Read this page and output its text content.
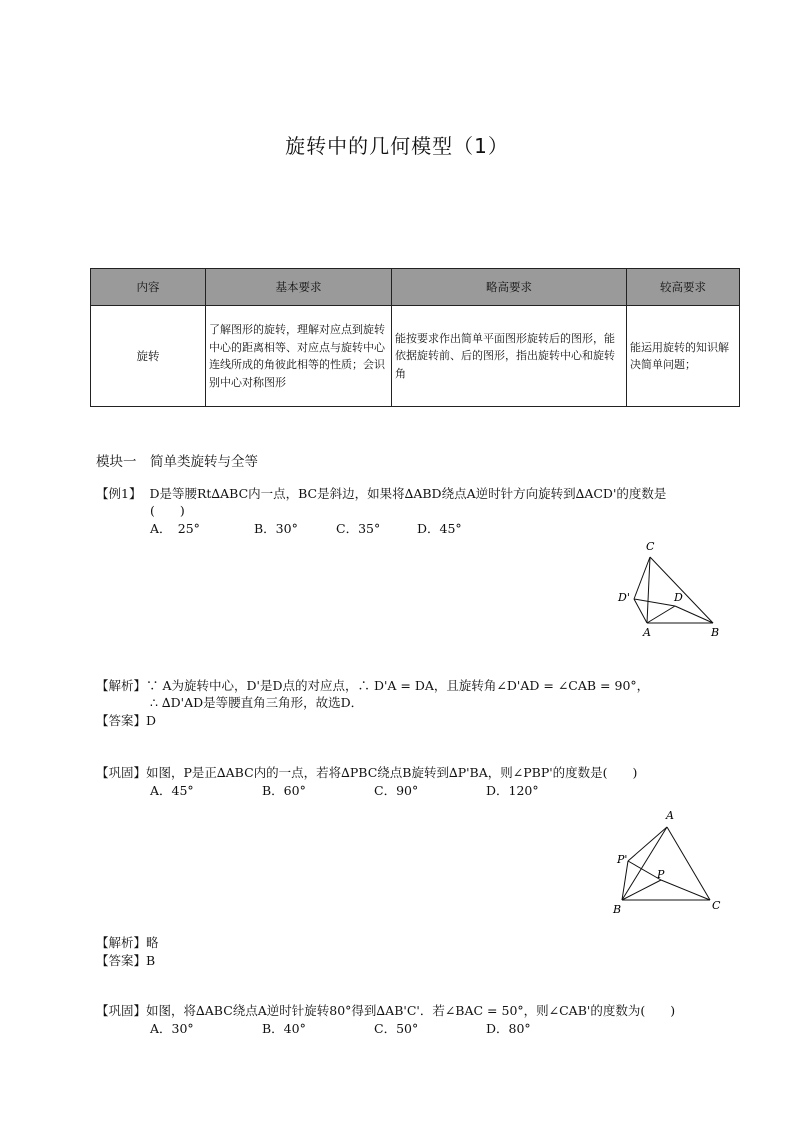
旋转中的几何模型（1）
内容	基本要求	略高要求	较高要求
旋转	了解图形的旋转，理解对应点到旋转中心的距离相等、对应点与旋转中心连线所成的角彼此相等的性质；会识别中心对称图形	能按要求作出简单平面图形旋转后的图形，能依据旋转前、后的图形，指出旋转中心和旋转角	能运用旋转的知识解决简单问题；
模块一　简单类旋转与全等
【例1】 D是等腰Rt∆ABC内一点，BC是斜边，如果将∆ABD绕点A逆时针方向旋转到∆ACD'的度数是
(　　)
A．　25°	B．30°	C．35°	D．45°
C
D'	D
A	B
【解析】∵ A为旋转中心，D'是D点的对应点，∴ D'A = DA，且旋转角∠D'AD = ∠CAB = 90°，
∴ ∆D'AD是等腰直角三角形，故选D．
【答案】D
【巩固】如图，P是正∆ABC内的一点，若将∆PBC绕点B旋转到∆P'BA，则∠PBP'的度数是(　　)
A．45°	B．60°	C．90°	D．120°
A
P'
P
B	C
【解析】略
【答案】B
【巩固】如图，将∆ABC绕点A逆时针旋转80°得到∆AB'C'．若∠BAC = 50°，则∠CAB'的度数为(　　)
A．30°	B．40°	C．50°	D．80°
